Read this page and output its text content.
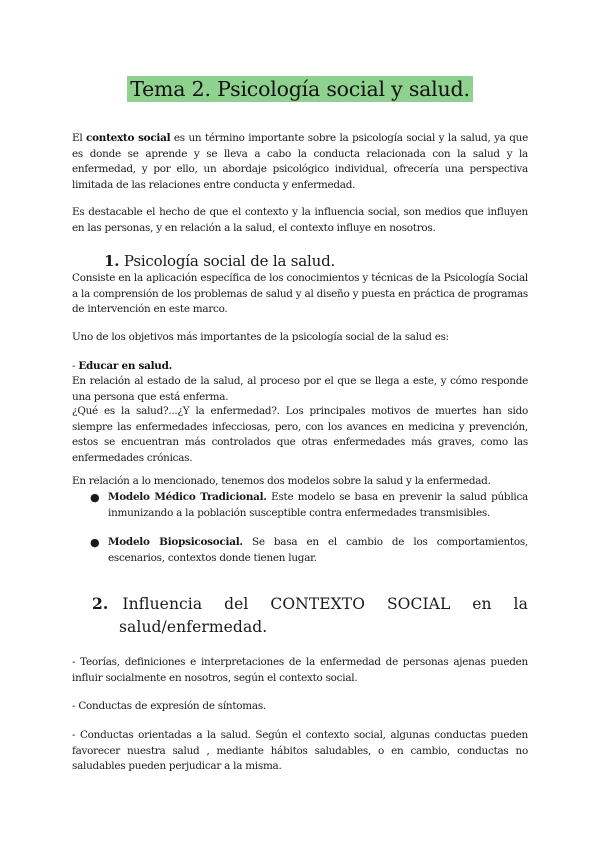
Tema 2. Psicología social y salud.

El contexto social es un término importante sobre la psicología social y la salud, ya que es donde se aprende y se lleva a cabo la conducta relacionada con la salud y la enfermedad, y por ello, un abordaje psicológico individual, ofrecería una perspectiva limitada de las relaciones entre conducta y enfermedad.

Es destacable el hecho de que el contexto y la influencia social, son medios que influyen en las personas, y en relación a la salud, el contexto influye en nosotros.

1. Psicología social de la salud.

Consiste en la aplicación específica de los conocimientos y técnicas de la Psicología Social a la comprensión de los problemas de salud y al diseño y puesta en práctica de programas de intervención en este marco.

Uno de los objetivos más importantes de la psicología social de la salud es:

- Educar en salud.

En relación al estado de la salud, al proceso por el que se llega a este, y cómo responde una persona que está enferma.

¿Qué es la salud?...¿Y la enfermedad?. Los principales motivos de muertes han sido siempre las enfermedades infecciosas, pero, con los avances en medicina y prevención, estos se encuentran más controlados que otras enfermedades más graves, como las enfermedades crónicas.

En relación a lo mencionado, tenemos dos modelos sobre la salud y la enfermedad.

● Modelo Médico Tradicional. Este modelo se basa en prevenir la salud pública inmunizando a la población susceptible contra enfermedades transmisibles.
● Modelo Biopsicosocial. Se basa en el cambio de los comportamientos, escenarios, contextos donde tienen lugar.
2. Influencia del CONTEXTO SOCIAL en la
salud/enfermedad.

- Teorías, definiciones e interpretaciones de la enfermedad de personas ajenas pueden influir socialmente en nosotros, según el contexto social.

- Conductas de expresión de síntomas.

- Conductas orientadas a la salud. Según el contexto social, algunas conductas pueden favorecer nuestra salud , mediante hábitos saludables, o en cambio, conductas no saludables pueden perjudicar a la misma.
